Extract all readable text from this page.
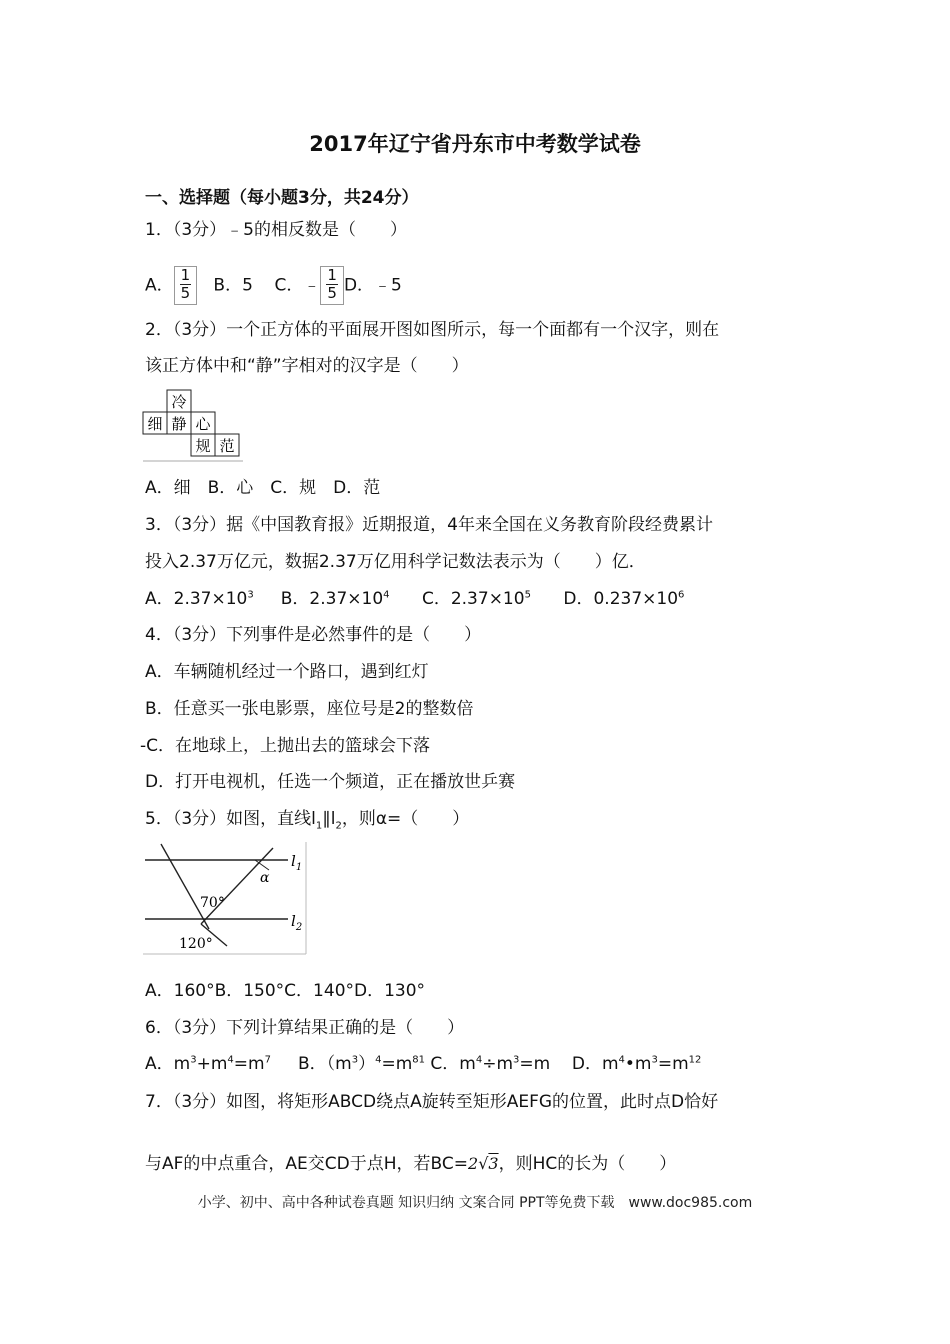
2017年辽宁省丹东市中考数学试卷
一、选择题（每小题3分，共24分）
1．（3分）﹣5的相反数是（　　）
A． $\frac{1}{5}$ B．5 C．﹣ $\frac{1}{5}$ D．﹣5
2．（3分）一个正方体的平面展开图如图所示，每一个面都有一个汉字，则在
该正方体中和“静”字相对的汉字是（　　）
冷
细 静 心
规 范
A．细　B．心　C．规　D．范
3．（3分）据《中国教育报》近期报道，4年来全国在义务教育阶段经费累计
投入2.37万亿元，数据2.37万亿用科学记数法表示为（　　）亿．
A．$2.37\times 10^3$ B．$2.37\times 10^4$ C．$2.37\times 10^5$ D．$0.237\times 10^6$
4．（3分）下列事件是必然事件的是（　　）
A．车辆随机经过一个路口，遇到红灯
B．任意买一张电影票，座位号是2的整数倍
-C．在地球上，上抛出去的篮球会下落
D．打开电视机，任选一个频道，正在播放世乒赛
5．（3分）如图，直线$l_1\parallel l_2$，则α=（　　）
α
70°
120°
$l_1$
$l_2$
A．160°B．150°C．140°D．130°
6．（3分）下列计算结果正确的是（　　）
A．$m^3+m^4=m^7$ B．$(m^3)^4=m^{81}$ C．$m^4\div m^3=m$ D．$m^4•m^3=m^{12}$
7．（3分）如图，将矩形ABCD绕点A旋转至矩形AEFG的位置，此时点D恰好
与AF的中点重合，AE交CD于点H，若BC=2√3，则HC的长为（　　）
小学、初中、高中各种试卷真题 知识归纳 文案合同 PPT等免费下载　www.doc985.com
